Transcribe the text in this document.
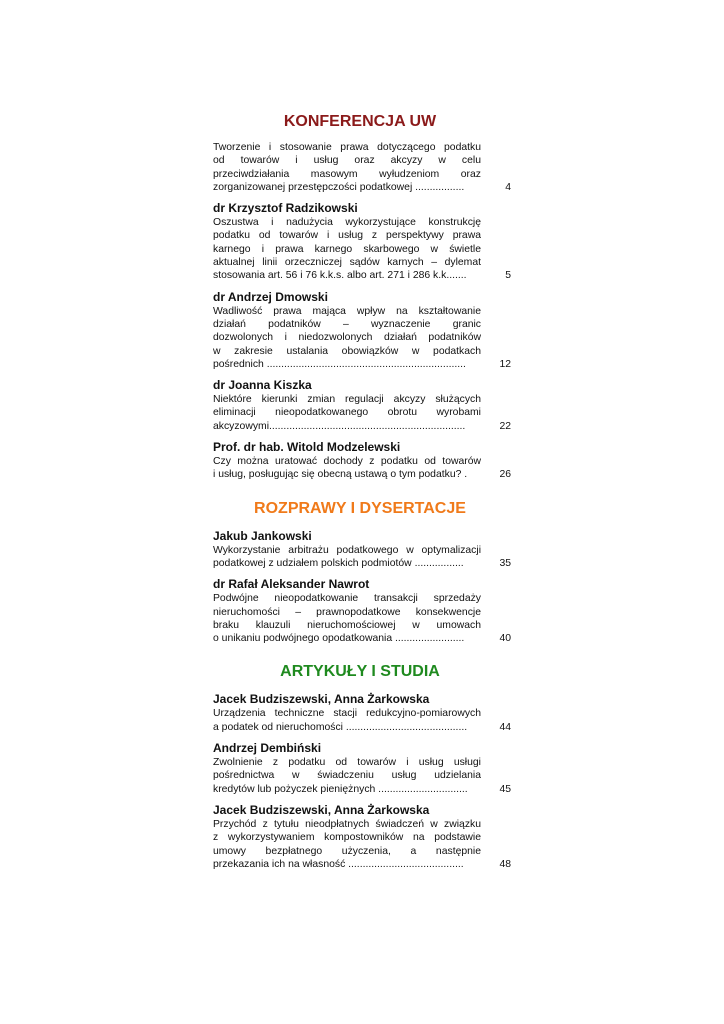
KONFERENCJA UW
Tworzenie i stosowanie prawa dotyczącego podatku
od towarów i usług oraz akcyzy w celu
przeciwdziałania masowym wyłudzeniom oraz
zorganizowanej przestępczości podatkowej .................	4
dr Krzysztof Radzikowski
Oszustwa i nadużycia wykorzystujące konstrukcję
podatku od towarów i usług z perspektywy prawa
karnego i prawa karnego skarbowego w świetle
aktualnej linii orzeczniczej sądów karnych – dylemat
stosowania art. 56 i 76 k.k.s. albo art. 271 i 286 k.k.......	5
dr Andrzej Dmowski
Wadliwość prawa mająca wpływ na kształtowanie
działań podatników – wyznaczenie granic
dozwolonych i niedozwolonych działań podatników
w zakresie ustalania obowiązków w podatkach
pośrednich .....................................................................	12
dr Joanna Kiszka
Niektóre kierunki zmian regulacji akcyzy służących
eliminacji nieopodatkowanego obrotu wyrobami
akcyzowymi....................................................................	22
Prof. dr hab. Witold Modzelewski
Czy można uratować dochody z podatku od towarów
i usług, posługując się obecną ustawą o tym podatku? .	26
ROZPRAWY I DYSERTACJE
Jakub Jankowski
Wykorzystanie arbitrażu podatkowego w optymalizacji
podatkowej z udziałem polskich podmiotów .................	35
dr Rafał Aleksander Nawrot
Podwójne nieopodatkowanie transakcji sprzedaży
nieruchomości – prawnopodatkowe konsekwencje
braku klauzuli nieruchomościowej w umowach
o unikaniu podwójnego opodatkowania ........................	40
ARTYKUŁY I STUDIA
Jacek Budziszewski, Anna Żarkowska
Urządzenia techniczne stacji redukcyjno-pomiarowych
a podatek od nieruchomości ..........................................	44
Andrzej Dembiński
Zwolnienie z podatku od towarów i usług usługi
pośrednictwa w świadczeniu usług udzielania
kredytów lub pożyczek pieniężnych ...............................	45
Jacek Budziszewski, Anna Żarkowska
Przychód z tytułu nieodpłatnych świadczeń w związku
z wykorzystywaniem kompostowników na podstawie
umowy bezpłatnego użyczenia, a następnie
przekazania ich na własność ........................................	48
